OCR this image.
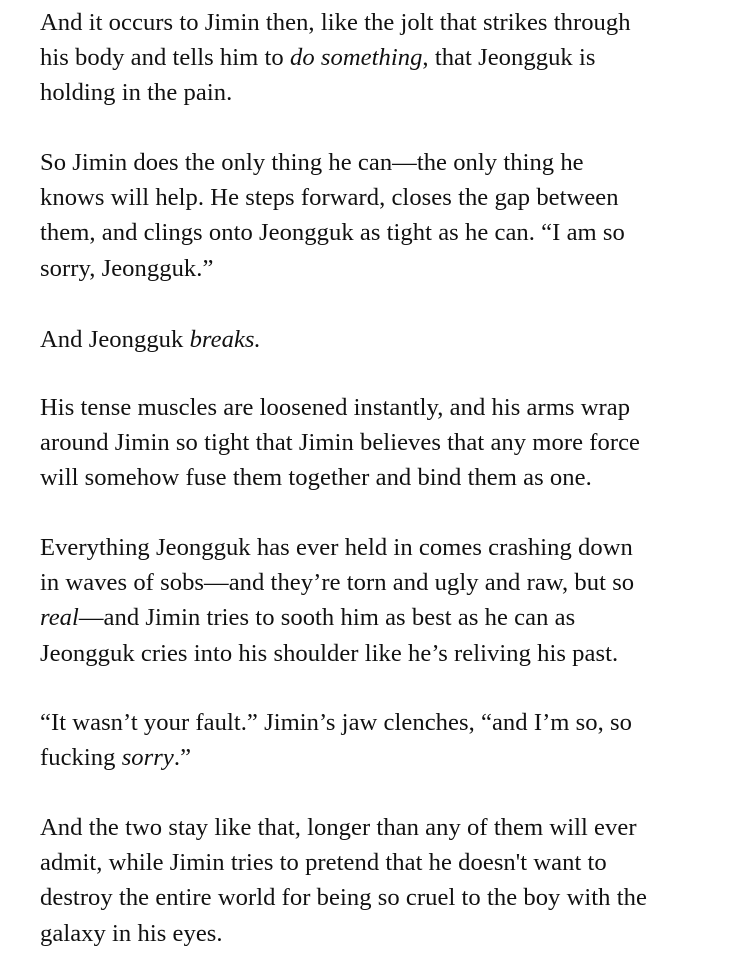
And it occurs to Jimin then, like the jolt that strikes through
his body and tells him to do something, that Jeongguk is
holding in the pain.

So Jimin does the only thing he can—the only thing he
knows will help. He steps forward, closes the gap between
them, and clings onto Jeongguk as tight as he can. “I am so
sorry, Jeongguk.”

And Jeongguk breaks.

His tense muscles are loosened instantly, and his arms wrap
around Jimin so tight that Jimin believes that any more force
will somehow fuse them together and bind them as one.

Everything Jeongguk has ever held in comes crashing down
in waves of sobs—and they’re torn and ugly and raw, but so
real—and Jimin tries to sooth him as best as he can as
Jeongguk cries into his shoulder like he’s reliving his past.

“It wasn’t your fault.” Jimin’s jaw clenches, “and I’m so, so
fucking sorry.”

And the two stay like that, longer than any of them will ever
admit, while Jimin tries to pretend that he doesn't want to
destroy the entire world for being so cruel to the boy with the
galaxy in his eyes.
